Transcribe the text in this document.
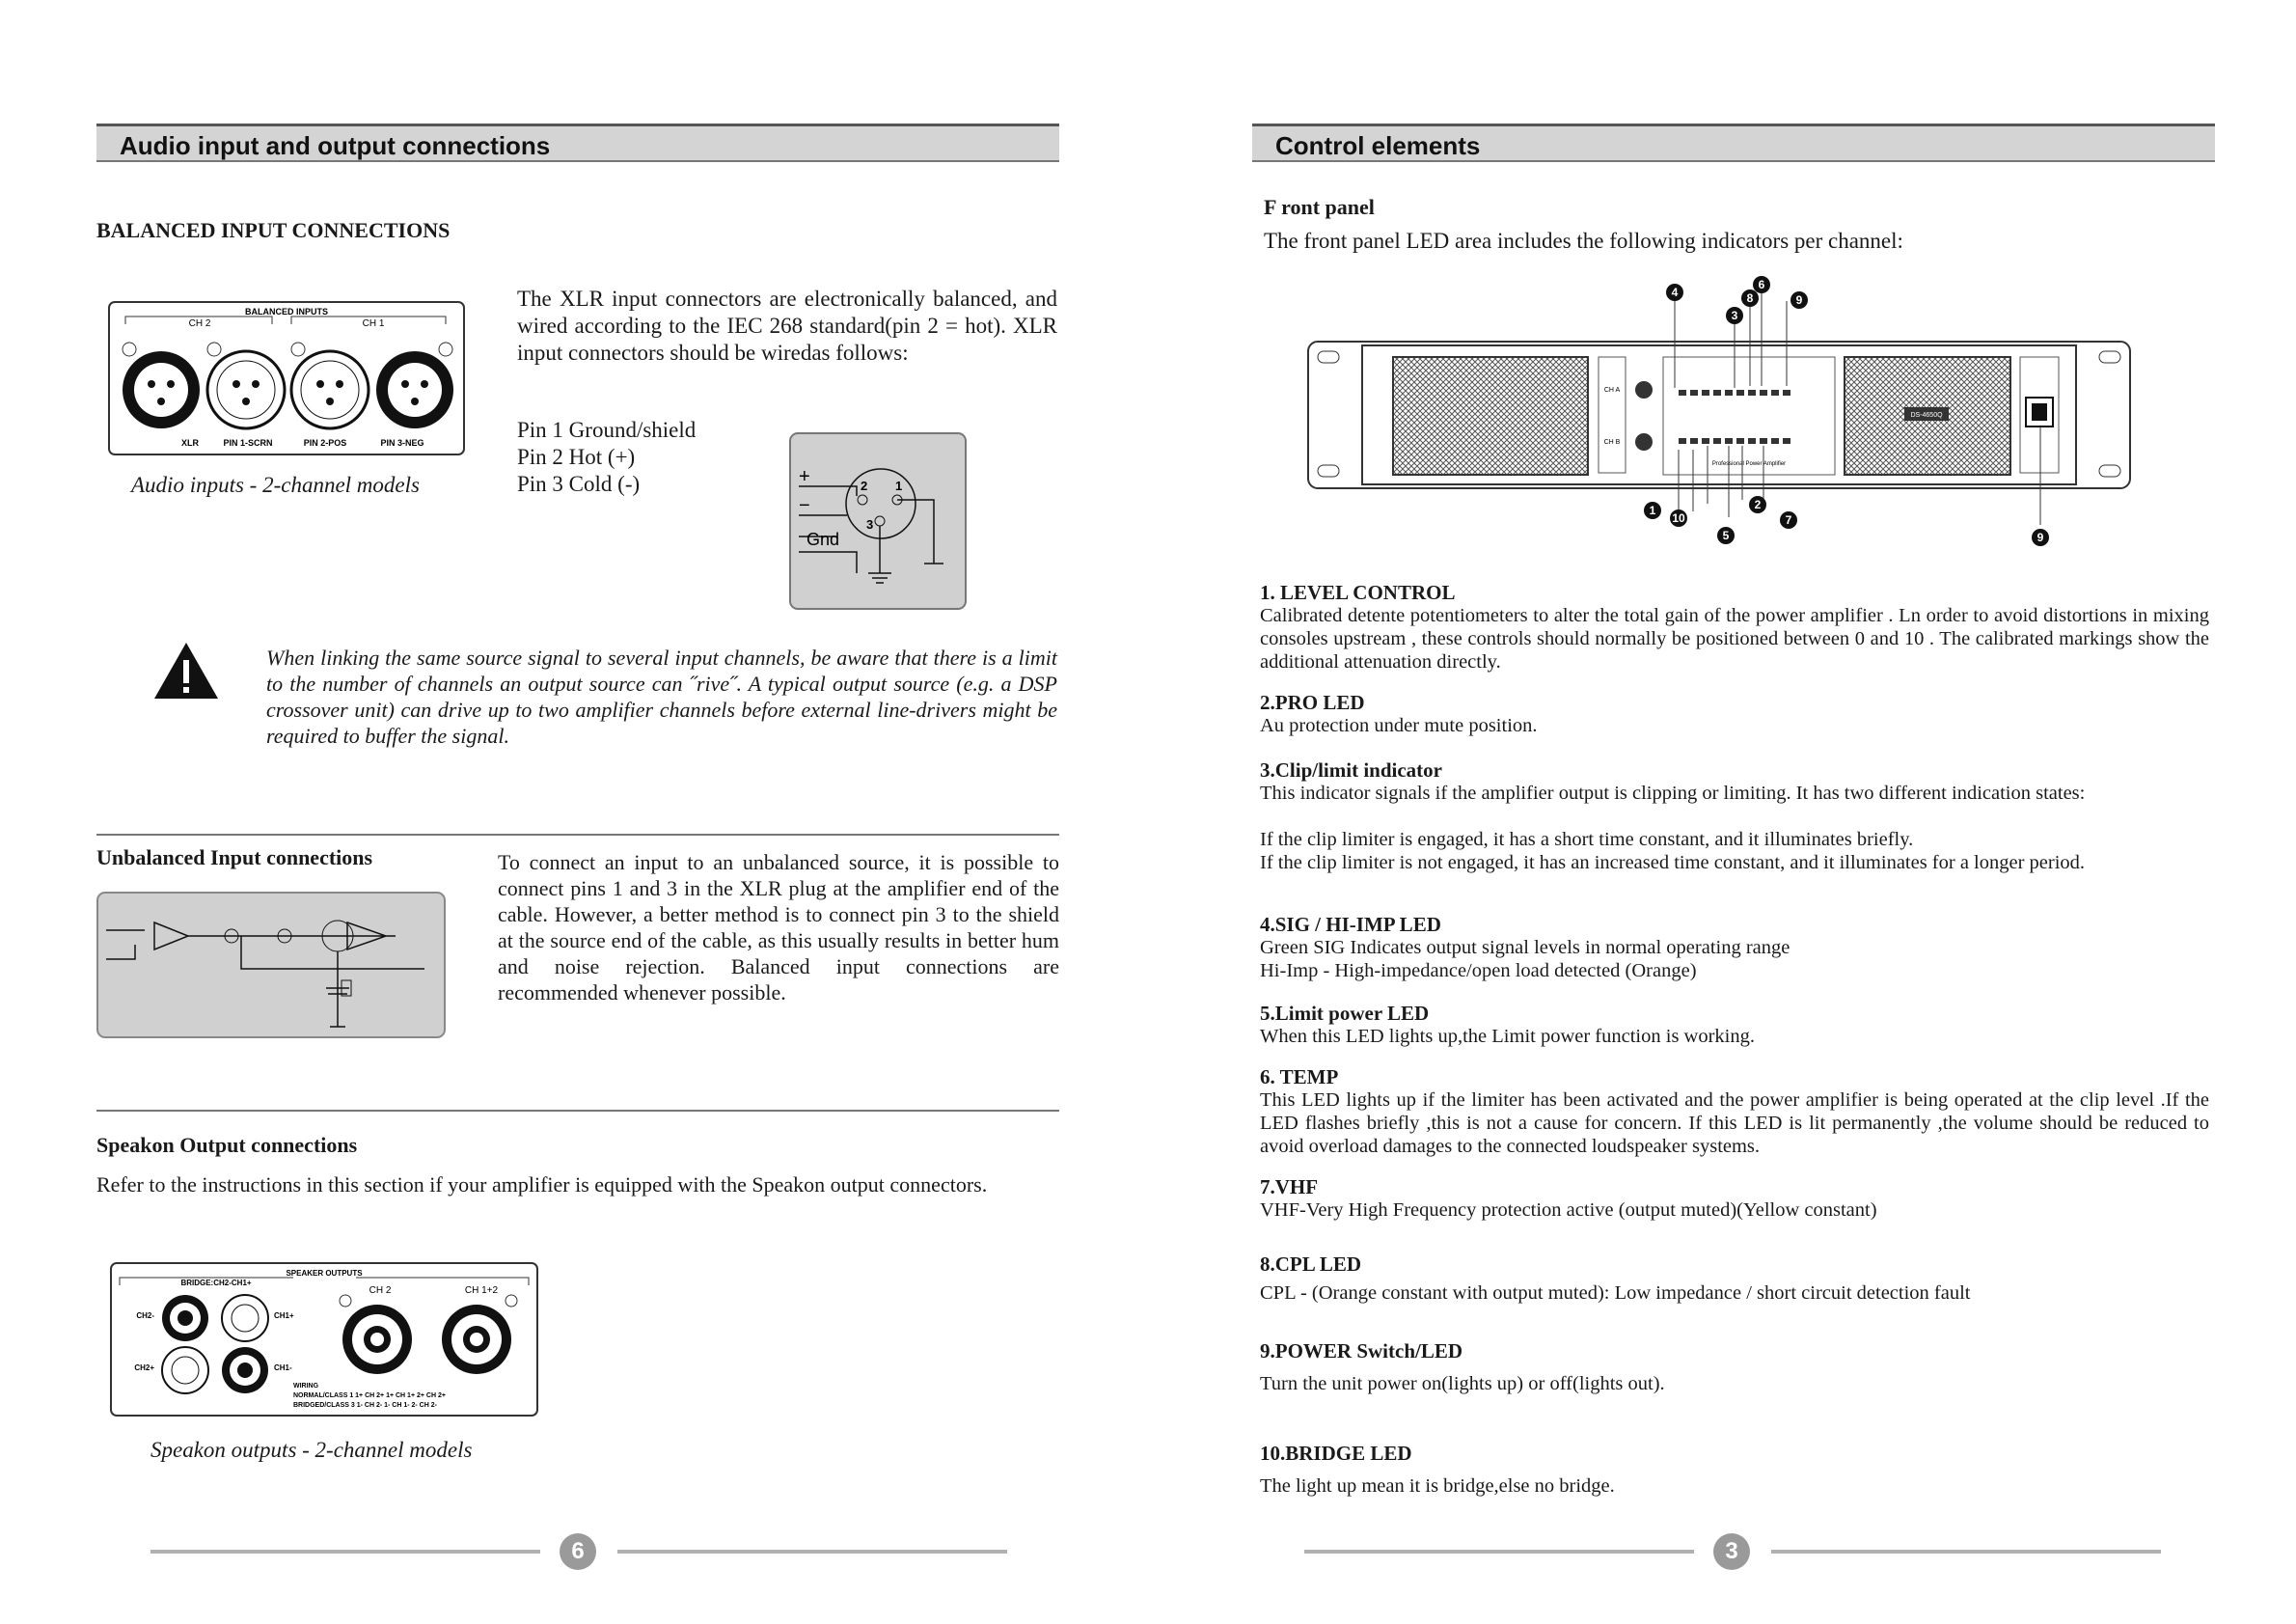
Audio input and output connections
BALANCED INPUT CONNECTIONS
BALANCED INPUTS
CH 2	CH 1
XLR	PIN 1-SCRN	PIN 2-POS	PIN 3-NEG
Audio inputs - 2-channel models
The XLR input connectors are electronically balanced, and wired according to the IEC 268 standard(pin 2 = hot). XLR input connectors should be wiredas follows:
Pin 1 Ground/shield
Pin 2 Hot (+)
Pin 3 Cold (-)	+
−
2 1
3
Gnd
When linking the same source signal to several input channels, be aware that there is a limit to the number of channels an output source can ˝rive˝. A typical output source (e.g. a DSP crossover unit) can drive up to two amplifier channels before external line-drivers might be required to buffer the signal.
Unbalanced Input connections	To connect an input to an unbalanced source, it is possible to connect pins 1 and 3 in the XLR plug at the amplifier end of the cable. However, a better method is to connect pin 3 to the shield at the source end of the cable, as this usually results in better hum and noise rejection. Balanced input connections are recommended whenever possible.
Speakon Output connections
Refer to the instructions in this section if your amplifier is equipped with the Speakon output connectors.
SPEAKER OUTPUTS
BRIDGE:CH2-CH1+
CH2-
CH2+
CH1+
CH1-
CH 2	CH 1+2
WIRING
NORMAL/CLASS 1 1+ CH 2+ 1+ CH 1+ 2+ CH 2+
BRIDGED/CLASS 3 1- CH 2- 1- CH 1- 2- CH 2-
Speakon outputs - 2-channel models
6
Control elements
F ront panel
The front panel LED area includes the following indicators per channel:
CH A
CH B
Professional Power Amplifier
DS-4650Q
4
6
8
3
9
1
10
2
7
5	9
1. LEVEL CONTROL
Calibrated detente potentiometers to alter the total gain of the power amplifier . Ln order to avoid distortions in mixing consoles upstream , these controls should normally be positioned between 0 and 10 . The calibrated markings show the additional attenuation directly.
2.PRO LED
Au protection under mute position.
3.Clip/limit indicator
This indicator signals if the amplifier output is clipping or limiting. It has two different indication states:
If the clip limiter is engaged, it has a short time constant, and it illuminates briefly.
If the clip limiter is not engaged, it has an increased time constant, and it illuminates for a longer period.
4.SIG / HI-IMP LED
Green SIG Indicates output signal levels in normal operating range
Hi-Imp - High-impedance/open load detected (Orange)
5.Limit power LED
When this LED lights up,the Limit power function is working.
6. TEMP
This LED lights up if the limiter has been activated and the power amplifier is being operated at the clip level .If the LED flashes briefly ,this is not a cause for concern. If this LED is lit permanently ,the volume should be reduced to avoid overload damages to the connected loudspeaker systems.
7.VHF
VHF-Very High Frequency protection active (output muted)(Yellow constant)
8.CPL LED
CPL - (Orange constant with output muted): Low impedance / short circuit detection fault
9.POWER Switch/LED
Turn the unit power on(lights up) or off(lights out).
10.BRIDGE LED
The light up mean it is bridge,else no bridge.
3
